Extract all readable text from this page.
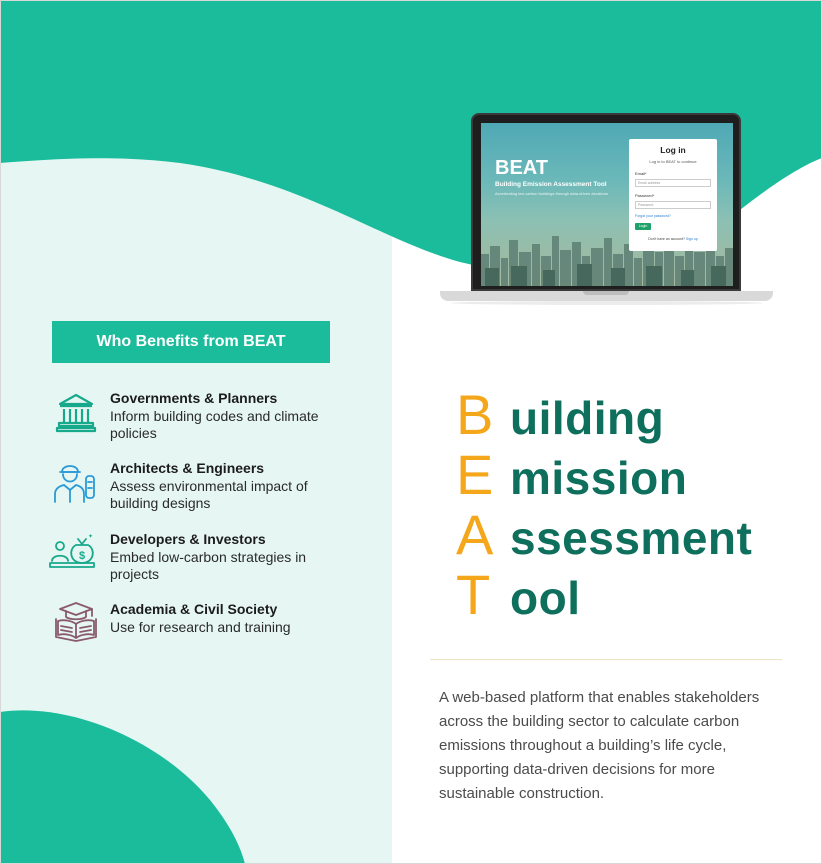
BEAT
Building Emission Assessment Tool
Accelerating low carbon buildings through data-driven decisions
Log in
Log in to BEAT to continue
Email*
Email address
Password*
Password
Forgot your password?
Login
Don't have an account? Sign up
Who Benefits from BEAT
Governments & Planners
Inform building codes and climate policies
Architects & Engineers
Assess environmental impact of building designs
$
✦ Developers & Investors
Embed low-carbon strategies in projects
Academia & Civil Society
Use for research and training
B uilding
E mission
A ssessment
T ool
A web-based platform that enables stakeholders across the building sector to calculate carbon emissions throughout a building’s life cycle, supporting data-driven decisions for more sustainable construction.
